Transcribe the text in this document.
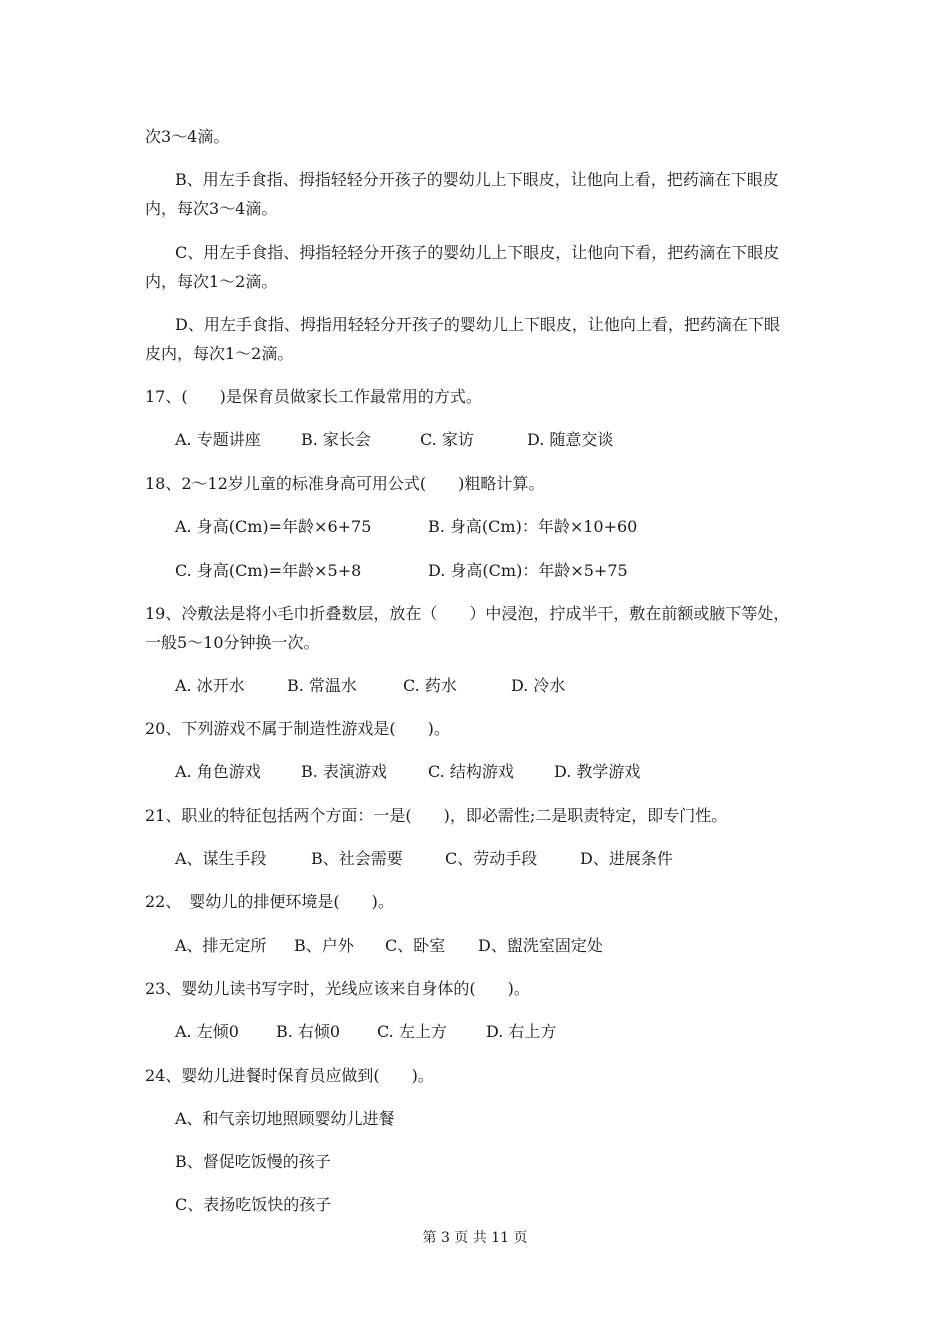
次3～4滴。
B、用左手食指、拇指轻轻分开孩子的婴幼儿上下眼皮，让他向上看，把药滴在下眼皮
内，每次3～4滴。
C、用左手食指、拇指轻轻分开孩子的婴幼儿上下眼皮，让他向下看，把药滴在下眼皮
内，每次1～2滴。
D、用左手食指、拇指用轻轻分开孩子的婴幼儿上下眼皮，让他向上看，把药滴在下眼
皮内，每次1～2滴。
17、(　　)是保育员做家长工作最常用的方式。
A. 专题讲座	B. 家长会	C. 家访	D. 随意交谈
18、2～12岁儿童的标准身高可用公式(　　)粗略计算。
A. 身高(Cm)=年龄×6+75	B. 身高(Cm)：年龄×10+60
C. 身高(Cm)=年龄×5+8	D. 身高(Cm)：年龄×5+75
19、冷敷法是将小毛巾折叠数层，放在（　　）中浸泡，拧成半干，敷在前额或腋下等处，
一般5～10分钟换一次。
A. 冰开水	B. 常温水	C. 药水	D. 冷水
20、下列游戏不属于制造性游戏是(　　)。
A. 角色游戏	B. 表演游戏	C. 结构游戏	D. 教学游戏
21、职业的特征包括两个方面：一是(　　)，即必需性;二是职责特定，即专门性。
A、谋生手段	B、社会需要	C、劳动手段	D、进展条件
22、　婴幼儿的排便环境是(　　)。
A、排无定所 B、户外 C、卧室 D、盥洗室固定处
23、婴幼儿读书写字时，光线应该来自身体的(　　)。
A. 左倾0 B. 右倾0 C. 左上方 D. 右上方
24、婴幼儿进餐时保育员应做到(　　)。
A、和气亲切地照顾婴幼儿进餐
B、督促吃饭慢的孩子
C、表扬吃饭快的孩子
第 3 页 共 11 页
